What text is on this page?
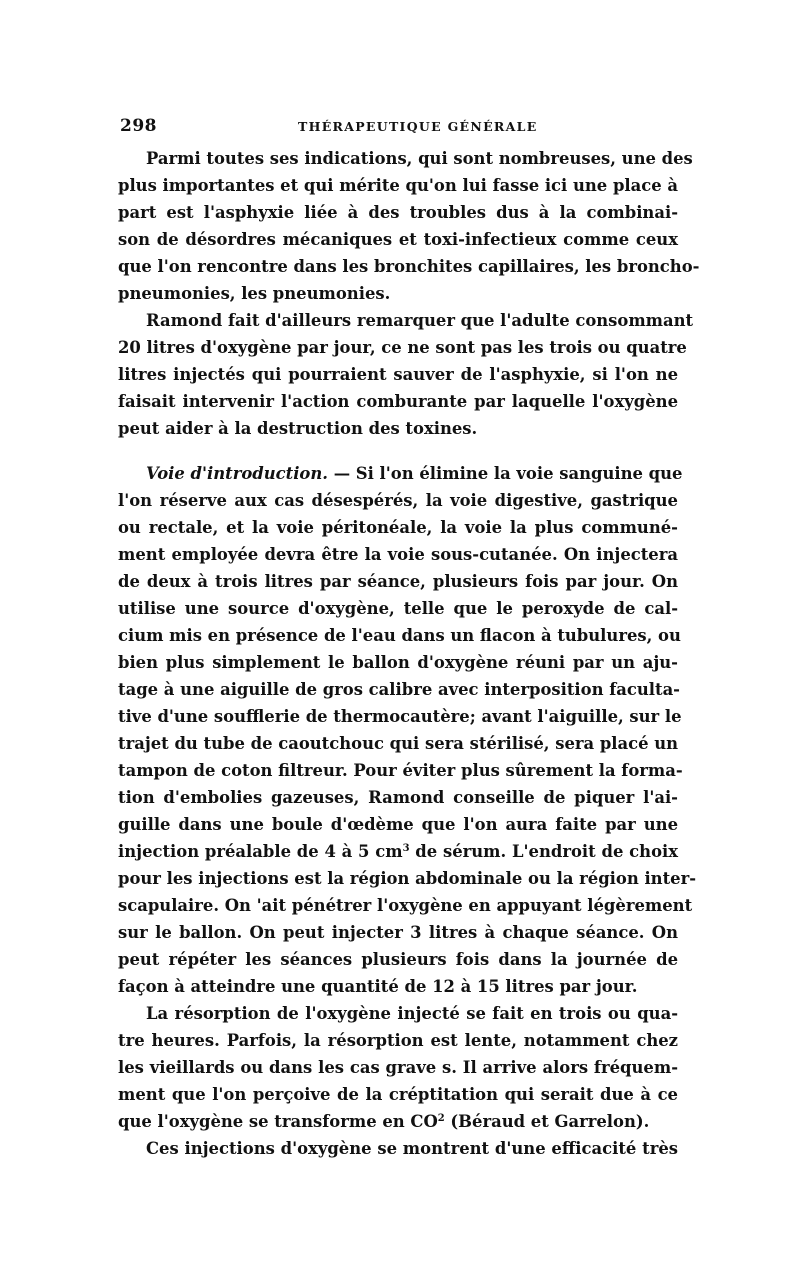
298	THÉRAPEUTIQUE GÉNÉRALE
Parmi toutes ses indications, qui sont nombreuses, une des
plus importantes et qui mérite qu'on lui fasse ici une place à
part est l'asphyxie liée à des troubles dus à la combinai-
son de désordres mécaniques et toxi-infectieux comme ceux
que l'on rencontre dans les bronchites capillaires, les broncho-
pneumonies, les pneumonies.
Ramond fait d'ailleurs remarquer que l'adulte consommant
20 litres d'oxygène par jour, ce ne sont pas les trois ou quatre
litres injectés qui pourraient sauver de l'asphyxie, si l'on ne
faisait intervenir l'action comburante par laquelle l'oxygène
peut aider à la destruction des toxines.
Voie d'introduction. — Si l'on élimine la voie sanguine que
l'on réserve aux cas désespérés, la voie digestive, gastrique
ou rectale, et la voie péritonéale, la voie la plus communé-
ment employée devra être la voie sous-cutanée. On injectera
de deux à trois litres par séance, plusieurs fois par jour. On
utilise une source d'oxygène, telle que le peroxyde de cal-
cium mis en présence de l'eau dans un flacon à tubulures, ou
bien plus simplement le ballon d'oxygène réuni par un aju-
tage à une aiguille de gros calibre avec interposition faculta-
tive d'une soufflerie de thermocautère; avant l'aiguille, sur le
trajet du tube de caoutchouc qui sera stérilisé, sera placé un
tampon de coton filtreur. Pour éviter plus sûrement la forma-
tion d'embolies gazeuses, Ramond conseille de piquer l'ai-
guille dans une boule d'œdème que l'on aura faite par une
injection préalable de 4 à 5 $cm^3$ de sérum. L'endroit de choix
pour les injections est la région abdominale ou la région inter-
scapulaire. On 'ait pénétrer l'oxygène en appuyant légèrement
sur le ballon. On peut injecter 3 litres à chaque séance. On
peut répéter les séances plusieurs fois dans la journée de
façon à atteindre une quantité de 12 à 15 litres par jour.
La résorption de l'oxygène injecté se fait en trois ou qua-
tre heures. Parfois, la résorption est lente, notamment chez
les vieillards ou dans les cas grave s. Il arrive alors fréquem-
ment que l'on perçoive de la créptitation qui serait due à ce
que l'oxygène se transforme en $CO^2$ (Béraud et Garrelon).
Ces injections d'oxygène se montrent d'une efficacité très
